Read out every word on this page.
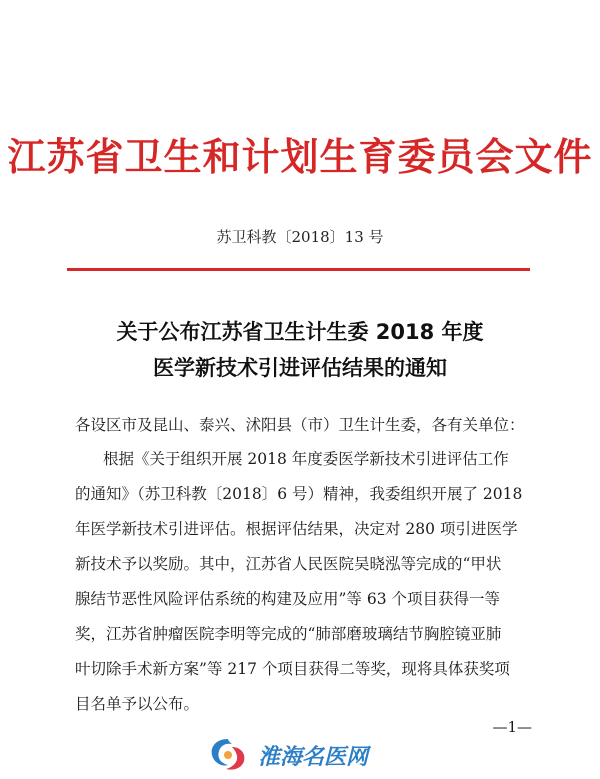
江苏省卫生和计划生育委员会文件
苏卫科教〔2018〕13 号
关于公布江苏省卫生计生委 2018 年度
医学新技术引进评估结果的通知
各设区市及昆山、泰兴、沭阳县（市）卫生计生委，各有关单位：
根据《关于组织开展 2018 年度委医学新技术引进评估工作
的通知》（苏卫科教〔2018〕6 号）精神，我委组织开展了 2018
年医学新技术引进评估。根据评估结果，决定对 280 项引进医学
新技术予以奖励。其中，江苏省人民医院吴晓泓等完成的“甲状
腺结节恶性风险评估系统的构建及应用”等 63 个项目获得一等
奖，江苏省肿瘤医院李明等完成的“肺部磨玻璃结节胸腔镜亚肺
叶切除手术新方案”等 217 个项目获得二等奖，现将具体获奖项
目名单予以公布。
—1—
淮海名医网
